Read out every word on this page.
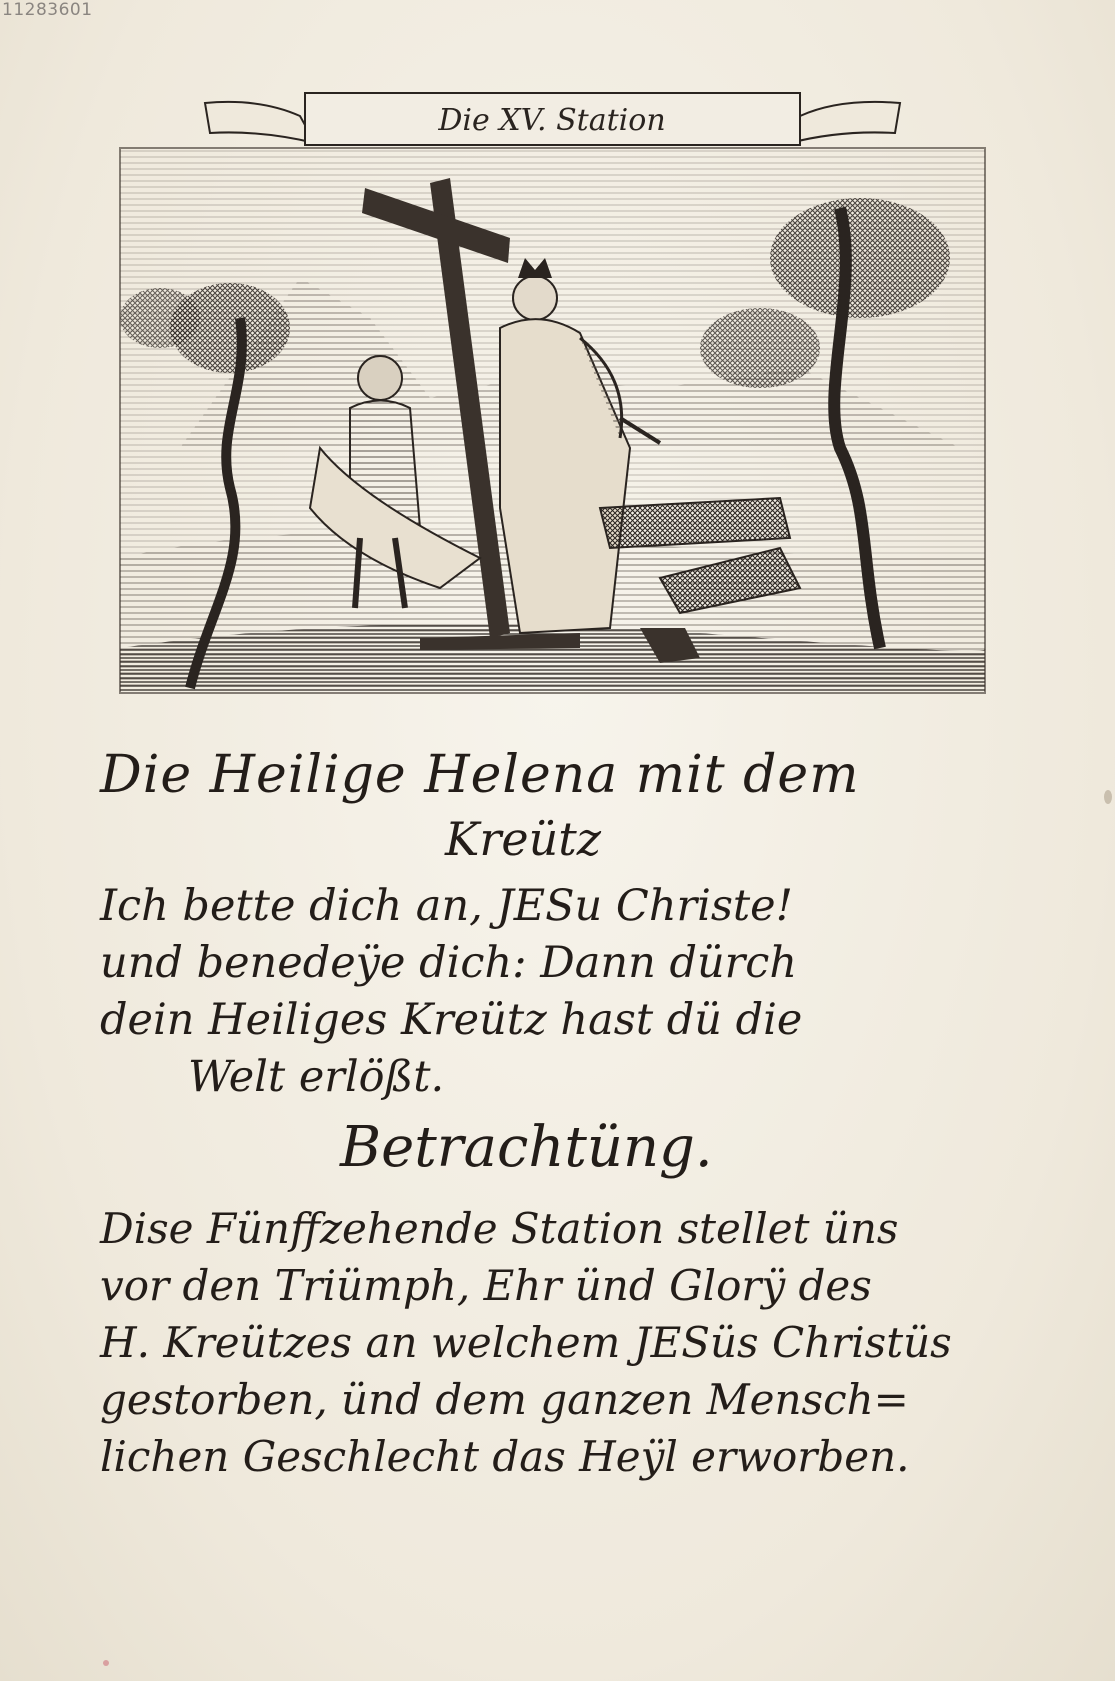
11283601
Die XV. Station
Die Heilige Helena mit dem
Kreütz
Ich bette dich an, JESu Christe!
und benedeÿe dich: Dann dürch
dein Heiliges Kreütz hast dü die
Welt erlößt.
Betrachtüng.
Dise Fünffzehende Station stellet üns
vor den Triümph, Ehr ünd Glorÿ des
H. Kreützes an welchem JESüs Christüs
gestorben, ünd dem ganzen Mensch=
lichen Geschlecht das Heÿl erworben.
